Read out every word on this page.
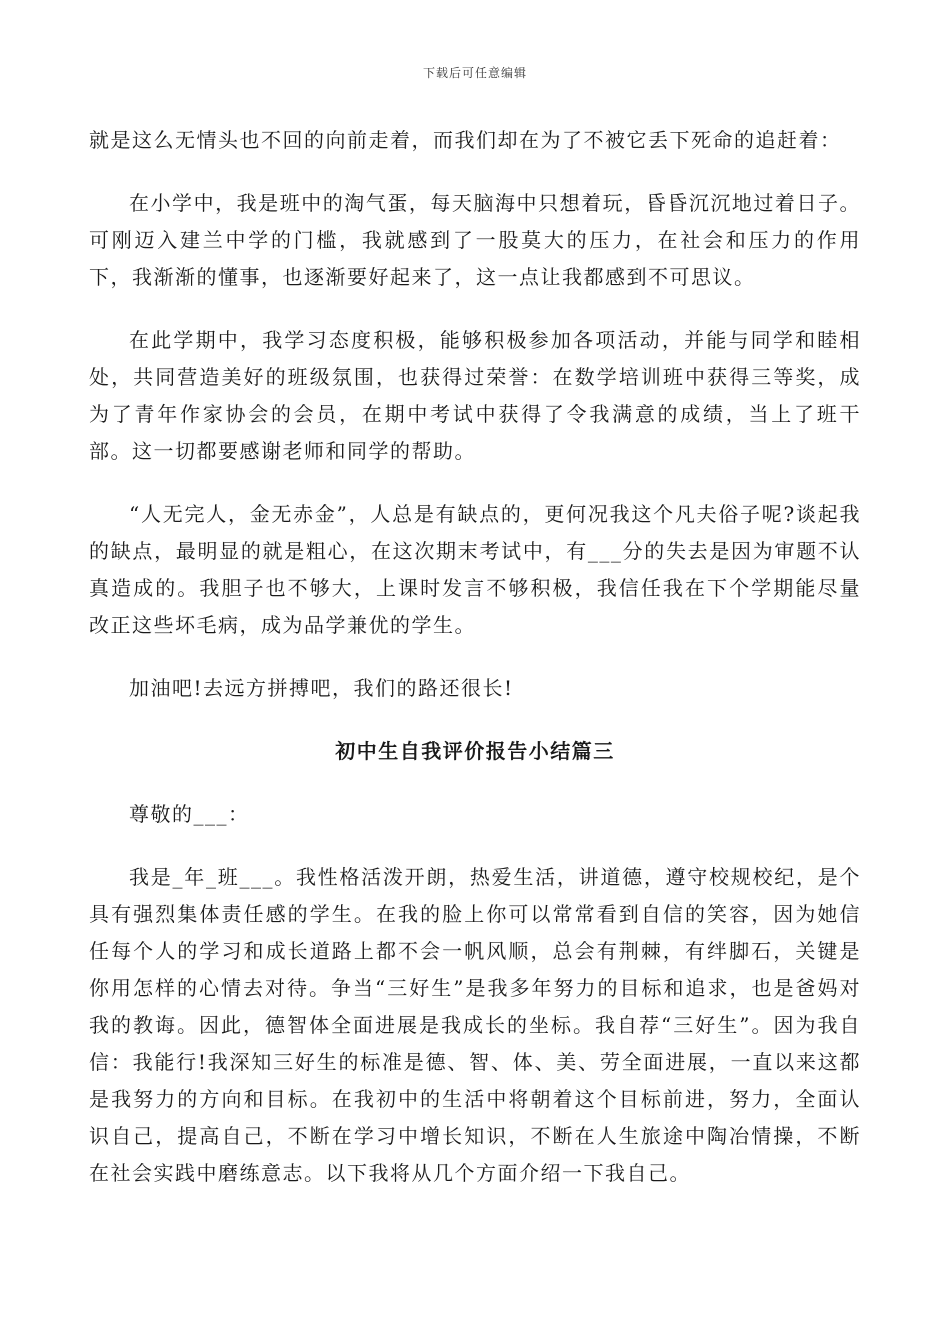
下载后可任意编辑

就是这么无情头也不回的向前走着，而我们却在为了不被它丢下死命的追赶着：

在小学中，我是班中的淘气蛋，每天脑海中只想着玩，昏昏沉沉地过着日子。可刚迈入建兰中学的门槛，我就感到了一股莫大的压力，在社会和压力的作用下，我渐渐的懂事，也逐渐要好起来了，这一点让我都感到不可思议。

在此学期中，我学习态度积极，能够积极参加各项活动，并能与同学和睦相处，共同营造美好的班级氛围，也获得过荣誉：在数学培训班中获得三等奖，成为了青年作家协会的会员，在期中考试中获得了令我满意的成绩，当上了班干部。这一切都要感谢老师和同学的帮助。

“人无完人，金无赤金”，人总是有缺点的，更何况我这个凡夫俗子呢?谈起我的缺点，最明显的就是粗心，在这次期末考试中，有___分的失去是因为审题不认真造成的。我胆子也不够大，上课时发言不够积极，我信任我在下个学期能尽量改正这些坏毛病，成为品学兼优的学生。

加油吧!去远方拼搏吧，我们的路还很长!

初中生自我评价报告小结篇三

尊敬的___：

我是_年_班___。我性格活泼开朗，热爱生活，讲道德，遵守校规校纪，是个具有强烈集体责任感的学生。在我的脸上你可以常常看到自信的笑容，因为她信任每个人的学习和成长道路上都不会一帆风顺，总会有荆棘，有绊脚石，关键是你用怎样的心情去对待。争当“三好生”是我多年努力的目标和追求，也是爸妈对我的教诲。因此，德智体全面进展是我成长的坐标。我自荐“三好生”。因为我自信：我能行!我深知三好生的标准是德、智、体、美、劳全面进展，一直以来这都是我努力的方向和目标。在我初中的生活中将朝着这个目标前进，努力，全面认识自己，提高自己，不断在学习中增长知识，不断在人生旅途中陶冶情操，不断在社会实践中磨练意志。以下我将从几个方面介绍一下我自己。
